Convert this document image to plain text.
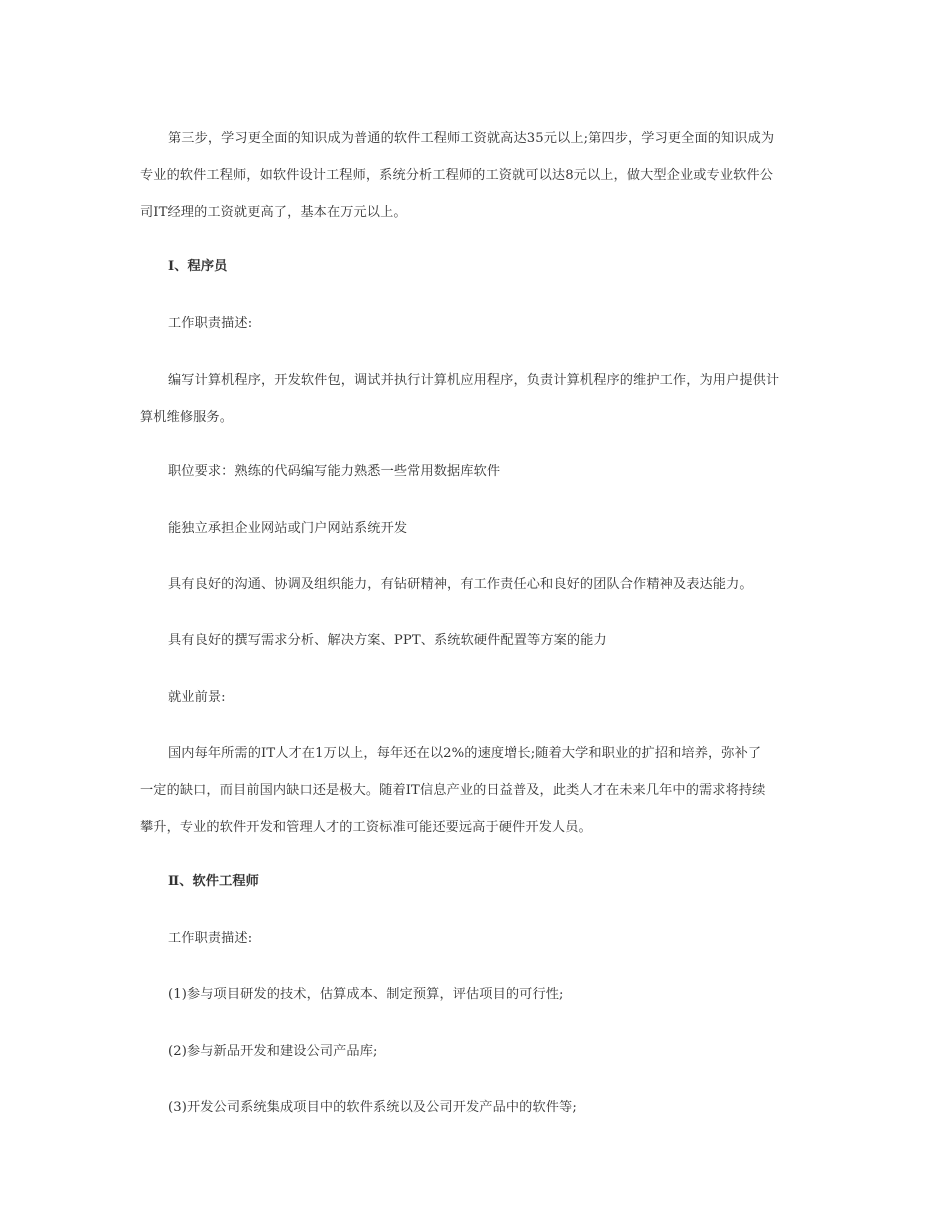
第三步，学习更全面的知识成为普通的软件工程师工资就高达35元以上;第四步，学习更全面的知识成为
专业的软件工程师，如软件设计工程师，系统分析工程师的工资就可以达8元以上，做大型企业或专业软件公
司IT经理的工资就更高了，基本在万元以上。
Ⅰ、程序员
工作职责描述:
编写计算机程序，开发软件包，调试并执行计算机应用程序，负责计算机程序的维护工作，为用户提供计
算机维修服务。
职位要求：熟练的代码编写能力熟悉一些常用数据库软件
能独立承担企业网站或门户网站系统开发
具有良好的沟通、协调及组织能力，有钻研精神，有工作责任心和良好的团队合作精神及表达能力。
具有良好的撰写需求分析、解决方案、PPT、系统软硬件配置等方案的能力
就业前景:
国内每年所需的IT人才在1万以上，每年还在以2%的速度增长;随着大学和职业的扩招和培养，弥补了
一定的缺口，而目前国内缺口还是极大。随着IT信息产业的日益普及，此类人才在未来几年中的需求将持续
攀升，专业的软件开发和管理人才的工资标准可能还要远高于硬件开发人员。
Ⅱ、软件工程师
工作职责描述:
(1)参与项目研发的技术，估算成本、制定预算，评估项目的可行性;
(2)参与新品开发和建设公司产品库;
(3)开发公司系统集成项目中的软件系统以及公司开发产品中的软件等;
